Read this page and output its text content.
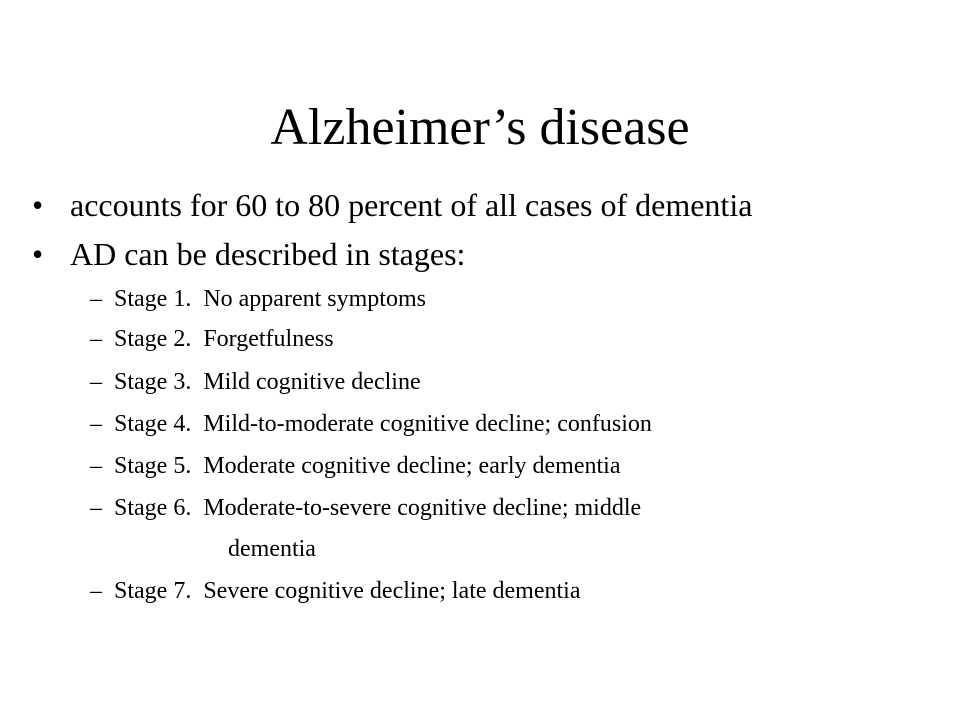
Alzheimer’s disease
• accounts for 60 to 80 percent of all cases of dementia
• AD can be described in stages:
– Stage 1.  No apparent symptoms
– Stage 2.  Forgetfulness
– Stage 3.  Mild cognitive decline
– Stage 4.  Mild-to-moderate cognitive decline; confusion
– Stage 5.  Moderate cognitive decline; early dementia
– Stage 6.  Moderate-to-severe cognitive decline; middle
dementia
– Stage 7.  Severe cognitive decline; late dementia
